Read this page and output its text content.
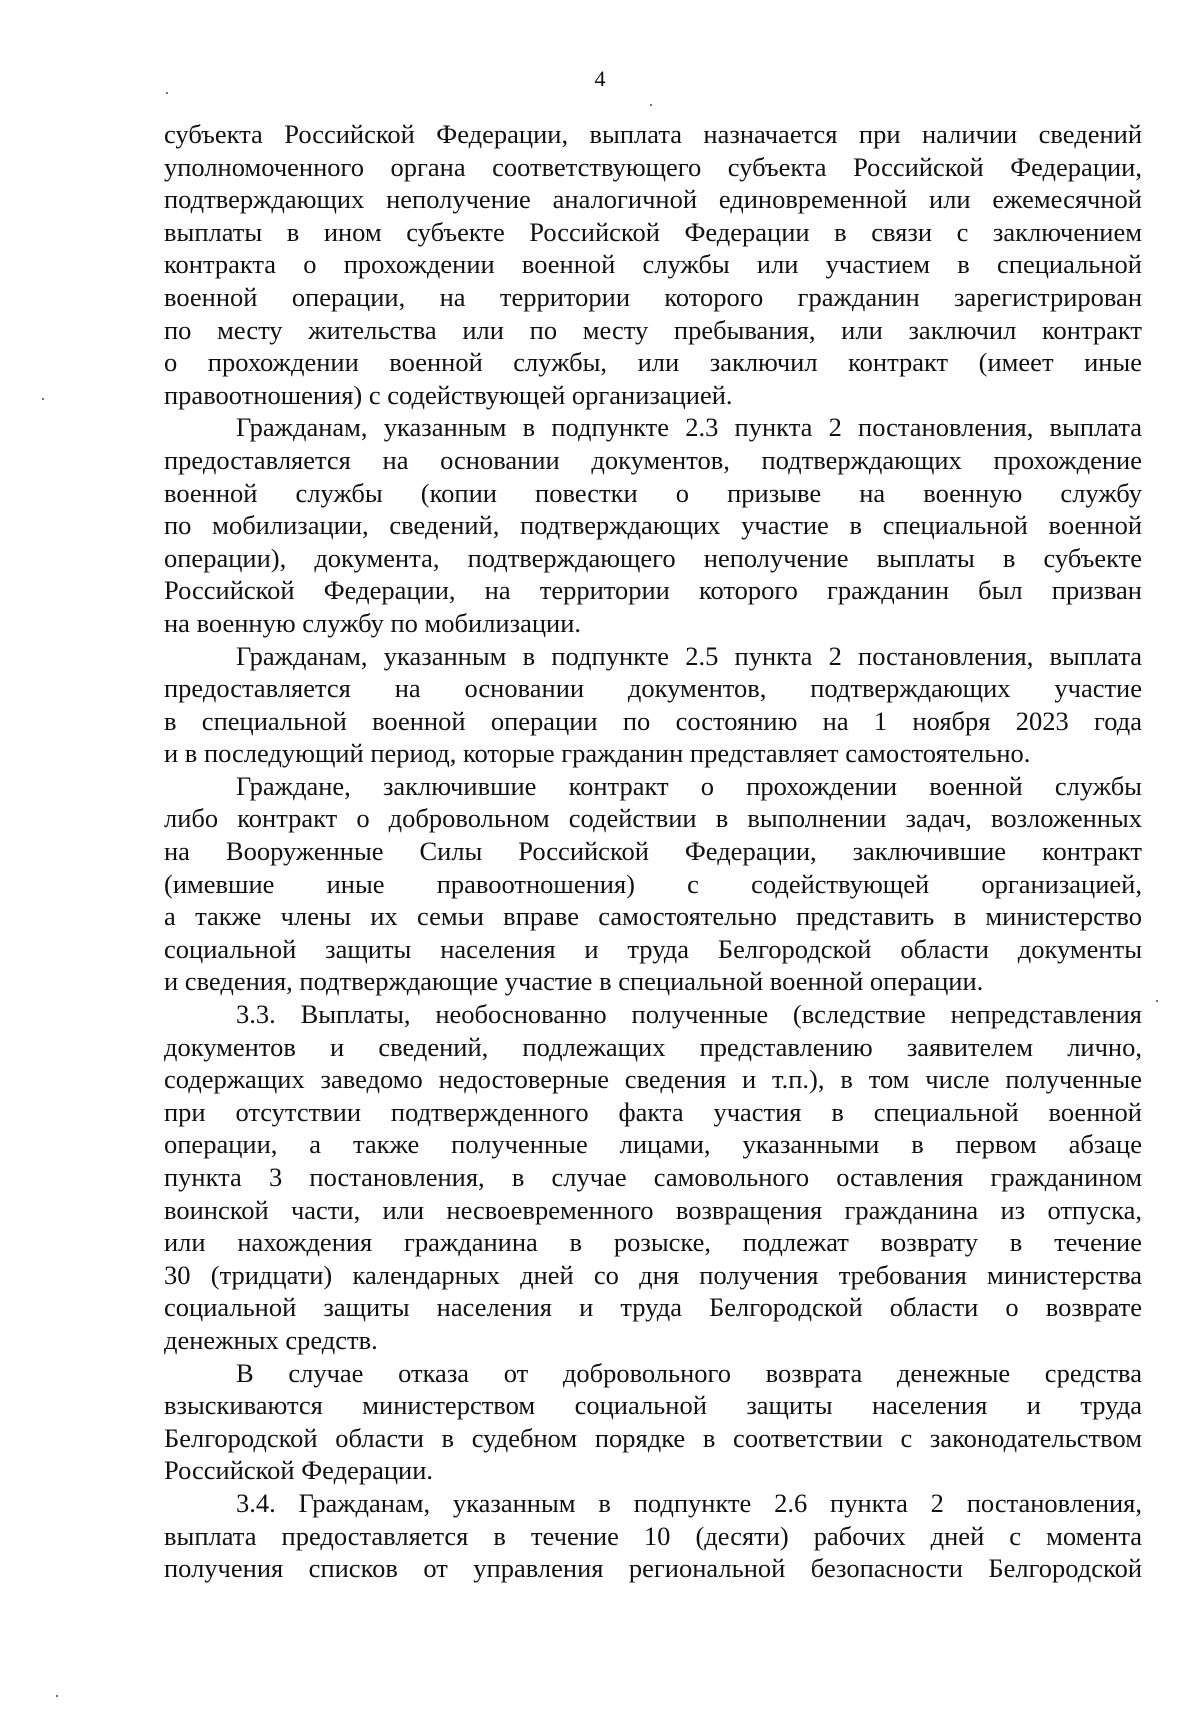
4
субъекта Российской Федерации, выплата назначается при наличии сведений
уполномоченного органа соответствующего субъекта Российской Федерации,
подтверждающих неполучение аналогичной единовременной или ежемесячной
выплаты в ином субъекте Российской Федерации в связи с заключением
контракта о прохождении военной службы или участием в специальной
военной операции, на территории которого гражданин зарегистрирован
по месту жительства или по месту пребывания, или заключил контракт
о прохождении военной службы, или заключил контракт (имеет иные
правоотношения) с содействующей организацией.
Гражданам, указанным в подпункте 2.3 пункта 2 постановления, выплата
предоставляется на основании документов, подтверждающих прохождение
военной службы (копии повестки о призыве на военную службу
по мобилизации, сведений, подтверждающих участие в специальной военной
операции), документа, подтверждающего неполучение выплаты в субъекте
Российской Федерации, на территории которого гражданин был призван
на военную службу по мобилизации.
Гражданам, указанным в подпункте 2.5 пункта 2 постановления, выплата
предоставляется на основании документов, подтверждающих участие
в специальной военной операции по состоянию на 1 ноября 2023 года
и в последующий период, которые гражданин представляет самостоятельно.
Граждане, заключившие контракт о прохождении военной службы
либо контракт о добровольном содействии в выполнении задач, возложенных
на Вооруженные Силы Российской Федерации, заключившие контракт
(имевшие иные правоотношения) с содействующей организацией,
а также члены их семьи вправе самостоятельно представить в министерство
социальной защиты населения и труда Белгородской области документы
и сведения, подтверждающие участие в специальной военной операции.
3.3. Выплаты, необоснованно полученные (вследствие непредставления
документов и сведений, подлежащих представлению заявителем лично,
содержащих заведомо недостоверные сведения и т.п.), в том числе полученные
при отсутствии подтвержденного факта участия в специальной военной
операции, а также полученные лицами, указанными в первом абзаце
пункта 3 постановления, в случае самовольного оставления гражданином
воинской части, или несвоевременного возвращения гражданина из отпуска,
или нахождения гражданина в розыске, подлежат возврату в течение
30 (тридцати) календарных дней со дня получения требования министерства
социальной защиты населения и труда Белгородской области о возврате
денежных средств.
В случае отказа от добровольного возврата денежные средства
взыскиваются министерством социальной защиты населения и труда
Белгородской области в судебном порядке в соответствии с законодательством
Российской Федерации.
3.4. Гражданам, указанным в подпункте 2.6 пункта 2 постановления,
выплата предоставляется в течение 10 (десяти) рабочих дней с момента
получения списков от управления региональной безопасности Белгородской
